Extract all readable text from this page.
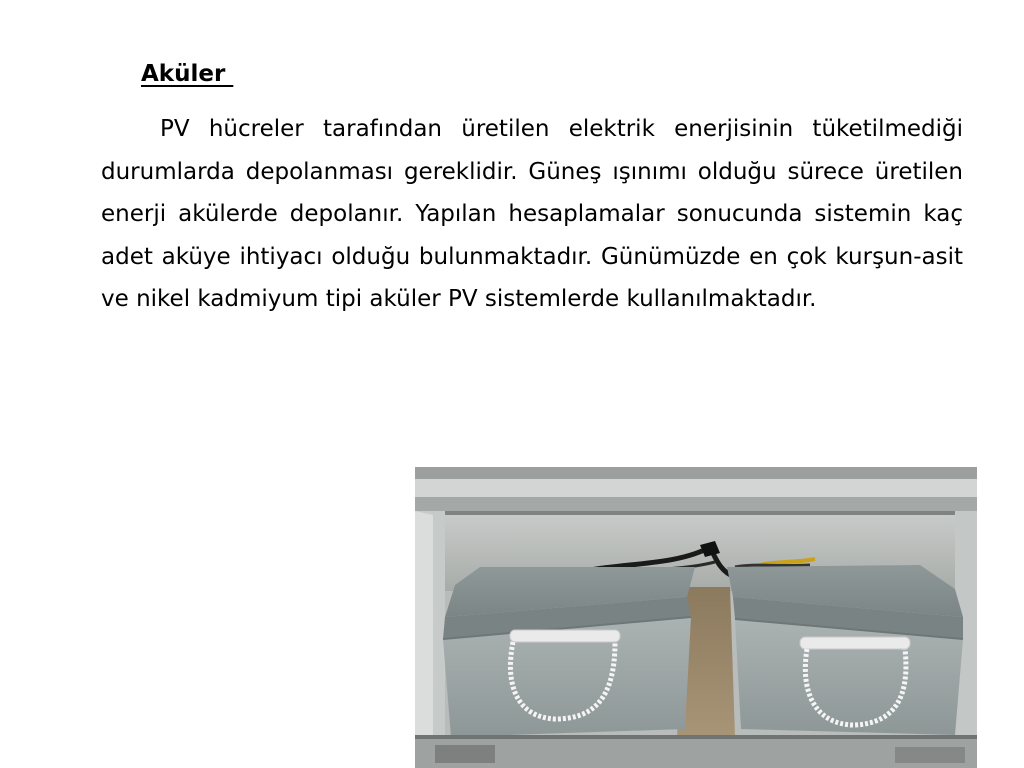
Aküler

PV hücreler tarafından üretilen elektrik enerjisinin tüketilmediği durumlarda depolanması gereklidir. Güneş ışınımı olduğu sürece üretilen enerji akülerde depolanır. Yapılan hesaplamalar sonucunda sistemin kaç adet aküye ihtiyacı olduğu bulunmaktadır. Günümüzde en çok kurşun-asit ve nikel kadmiyum tipi aküler PV sistemlerde kullanılmaktadır.
